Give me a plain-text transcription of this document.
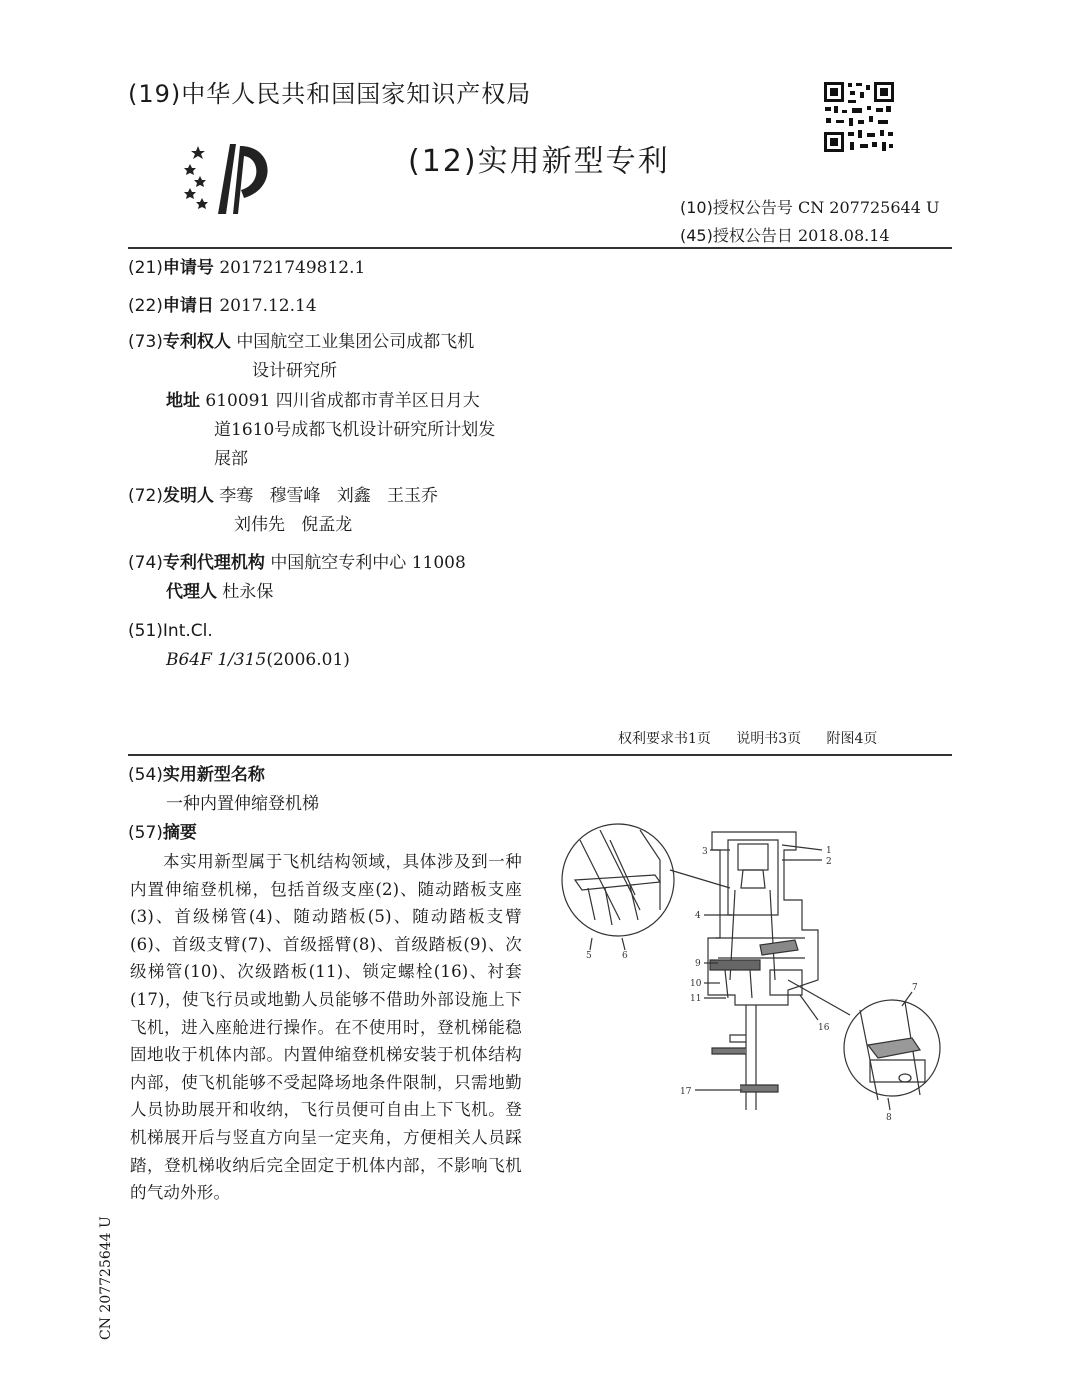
(19)中华人民共和国国家知识产权局
(12)实用新型专利
(10)授权公告号 CN 207725644 U
(45)授权公告日 2018.08.14
(21)申请号 201721749812.1
(22)申请日 2017.12.14
(73)专利权人 中国航空工业集团公司成都飞机
设计研究所
地址 610091 四川省成都市青羊区日月大
道1610号成都飞机设计研究所计划发
展部
(72)发明人 李骞   穆雪峰   刘鑫   王玉乔
刘伟先   倪孟龙
(74)专利代理机构 中国航空专利中心 11008
代理人 杜永保
(51)Int.Cl.
B64F 1/315(2006.01)
权利要求书1页   说明书3页   附图4页
(54)实用新型名称
一种内置伸缩登机梯
(57)摘要
本实用新型属于飞机结构领域，具体涉及到一种内置伸缩登机梯，包括首级支座(2)、随动踏板支座(3)、首级梯管(4)、随动踏板(5)、随动踏板支臂(6)、首级支臂(7)、首级摇臂(8)、首级踏板(9)、次级梯管(10)、次级踏板(11)、锁定螺栓(16)、衬套(17)，使飞行员或地勤人员能够不借助外部设施上下飞机，进入座舱进行操作。在不使用时，登机梯能稳固地收于机体内部。内置伸缩登机梯安装于机体结构内部，使飞机能够不受起降场地条件限制，只需地勤人员协助展开和收纳，飞行员便可自由上下飞机。登机梯展开后与竖直方向呈一定夹角，方便相关人员踩踏，登机梯收纳后完全固定于机体内部，不影响飞机的气动外形。
CN 207725644 U
1
2
3
4
5	6
7
8
9
10
11
16
17
